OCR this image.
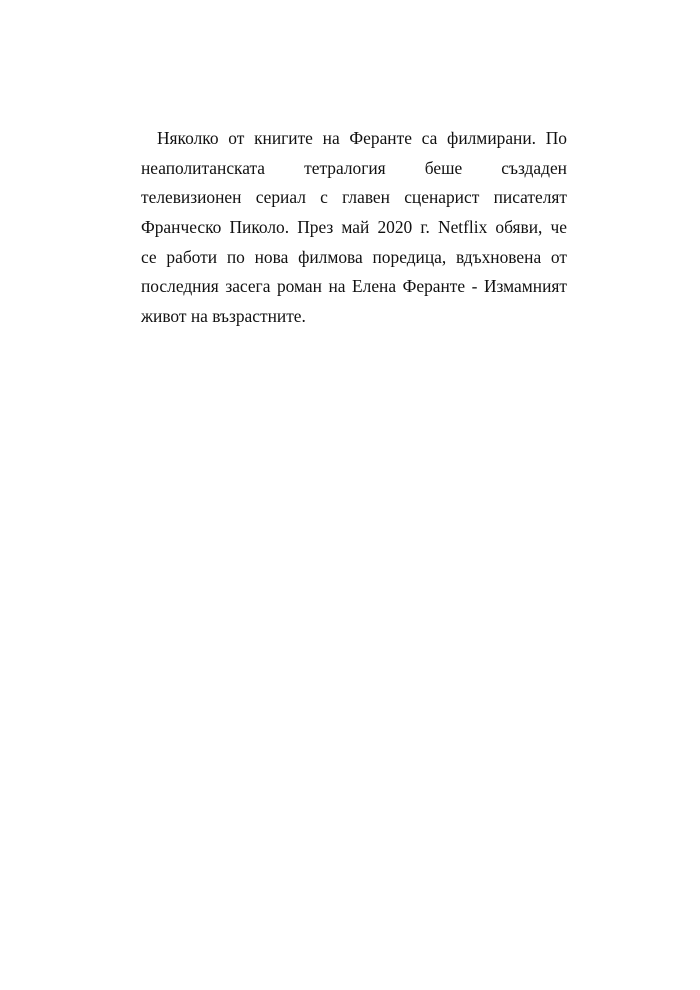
Няколко от книгите на Феранте са филмирани. По
неаполитанската тетралогия беше създаден
телевизионен сериал с главен сценарист писателят
Франческо Пиколо. През май 2020 г. Netflix обяви, че
се работи по нова филмова поредица, вдъхновена от
последния засега роман на Елена Феранте - Измамният
живот на възрастните.
